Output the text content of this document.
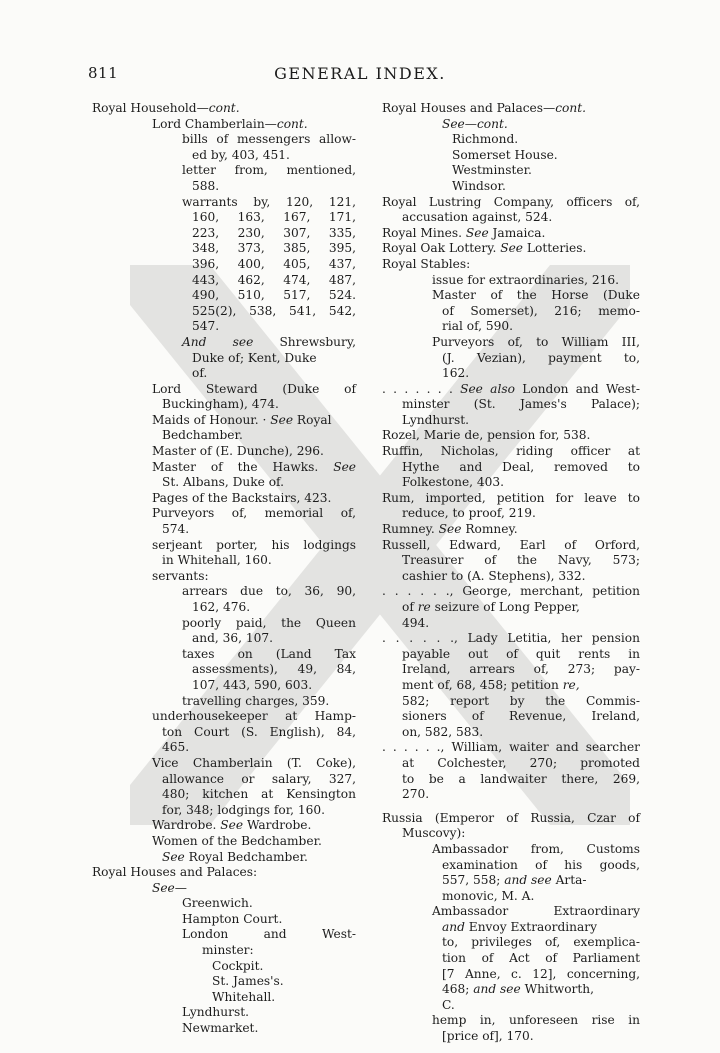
811	GENERAL INDEX.
Royal Household—cont.
Lord Chamberlain—cont.
bills of messengers allow-
ed by, 403, 451.
letter from, mentioned,
588.
warrants by, 120, 121,
160, 163, 167, 171,
223, 230, 307, 335,
348, 373, 385, 395,
396, 400, 405, 437,
443, 462, 474, 487,
490, 510, 517, 524.
525(2), 538, 541, 542,
547.
And see Shrewsbury,
Duke of; Kent, Duke
of.
Lord Steward (Duke of
Buckingham), 474.
Maids of Honour. · See Royal
Bedchamber.
Master of (E. Dunche), 296.
Master of the Hawks. See
St. Albans, Duke of.
Pages of the Backstairs, 423.
Purveyors of, memorial of,
574.
serjeant porter, his lodgings
in Whitehall, 160.
servants:
arrears due to, 36, 90,
162, 476.
poorly paid, the Queen
and, 36, 107.
taxes on (Land Tax
assessments), 49, 84,
107, 443, 590, 603.
travelling charges, 359.
underhousekeeper at Hamp-
ton Court (S. English), 84,
465.
Vice Chamberlain (T. Coke),
allowance or salary, 327,
480; kitchen at Kensington
for, 348; lodgings for, 160.
Wardrobe. See Wardrobe.
Women of the Bedchamber.
See Royal Bedchamber.
Royal Houses and Palaces:
See—
Greenwich.
Hampton Court.
London and West-
minster:
Cockpit.
St. James's.
Whitehall.
Lyndhurst.
Newmarket.
Royal Houses and Palaces—cont.
See—cont.
Richmond.
Somerset House.
Westminster.
Windsor.
Royal Lustring Company, officers of,
accusation against, 524.
Royal Mines. See Jamaica.
Royal Oak Lottery. See Lotteries.
Royal Stables:
issue for extraordinaries, 216.
Master of the Horse (Duke
of Somerset), 216; memo-
rial of, 590.
Purveyors of, to William III,
(J. Vezian), payment to,
162.
. . . . . . . See also London and West-
minster (St. James's Palace);
Lyndhurst.
Rozel, Marie de, pension for, 538.
Ruffin, Nicholas, riding officer at
Hythe and Deal, removed to
Folkestone, 403.
Rum, imported, petition for leave to
reduce, to proof, 219.
Rumney. See Romney.
Russell, Edward, Earl of Orford,
Treasurer of the Navy, 573;
cashier to (A. Stephens), 332.
. . . . . ., George, merchant, petition
of re seizure of Long Pepper,
494.
. . . . . ., Lady Letitia, her pension
payable out of quit rents in
Ireland, arrears of, 273; pay-
ment of, 68, 458; petition re,
582; report by the Commis-
sioners of Revenue, Ireland,
on, 582, 583.
. . . . . ., William, waiter and searcher
at Colchester, 270; promoted
to be a landwaiter there, 269,
270.
Russia (Emperor of Russia, Czar of
Muscovy):
Ambassador from, Customs
examination of his goods,
557, 558; and see Arta-
monovic, M. A.
Ambassador Extraordinary
and Envoy Extraordinary
to, privileges of, exemplica-
tion of Act of Parliament
[7 Anne, c. 12], concerning,
468; and see Whitworth,
C.
hemp in, unforeseen rise in
[price of], 170.
